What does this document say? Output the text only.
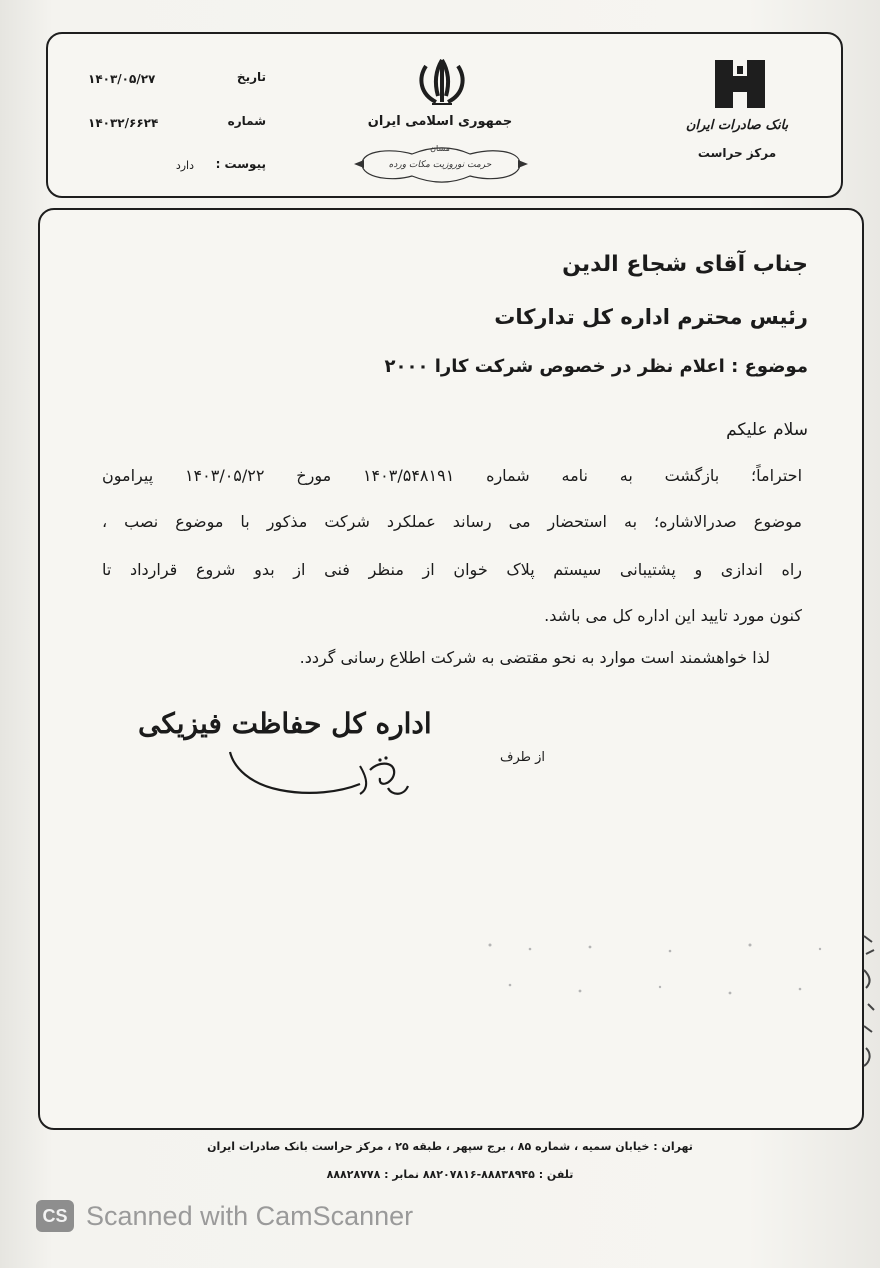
بانک صادرات ایران
مرکز حراست
جمهوری اسلامی ایران
مسان
حرمت نوروزیت مکات ورده
تاریخ
۱۴۰۳/۰۵/۲۷
شماره
۱۴۰۳۲/۶۶۲۴
پیوست :
دارد
جناب آقای شجاع الدین
رئیس محترم اداره کل تدارکات
موضوع : اعلام نظر در خصوص شرکت کارا ۲۰۰۰
سلام علیکم
احتراماً؛ بازگشت به نامه شماره ۱۴۰۳/۵۴۸۱۹۱ مورخ ۱۴۰۳/۰۵/۲۲ پیرامون
موضوع صدرالاشاره؛ به استحضار می رساند عملکرد شرکت مذکور با موضوع نصب ،
راه اندازی و پشتیبانی سیستم پلاک خوان از منظر فنی از بدو شروع قرارداد تا
کنون مورد تایید این اداره کل می باشد.
لذا خواهشمند است موارد به نحو مقتضی به شرکت اطلاع رسانی گردد.
اداره کل حفاظت فیزیکی
از طرف
تهران : خیابان سمیه ، شماره ۸۵ ، برج سپهر ، طبقه ۲۵ ، مرکز حراست بانک صادرات ایران
تلفن : ۸۸۸۳۸۹۴۵-۸۸۲۰۷۸۱۶ نمابر : ۸۸۸۲۸۷۷۸
CS Scanned with CamScanner
